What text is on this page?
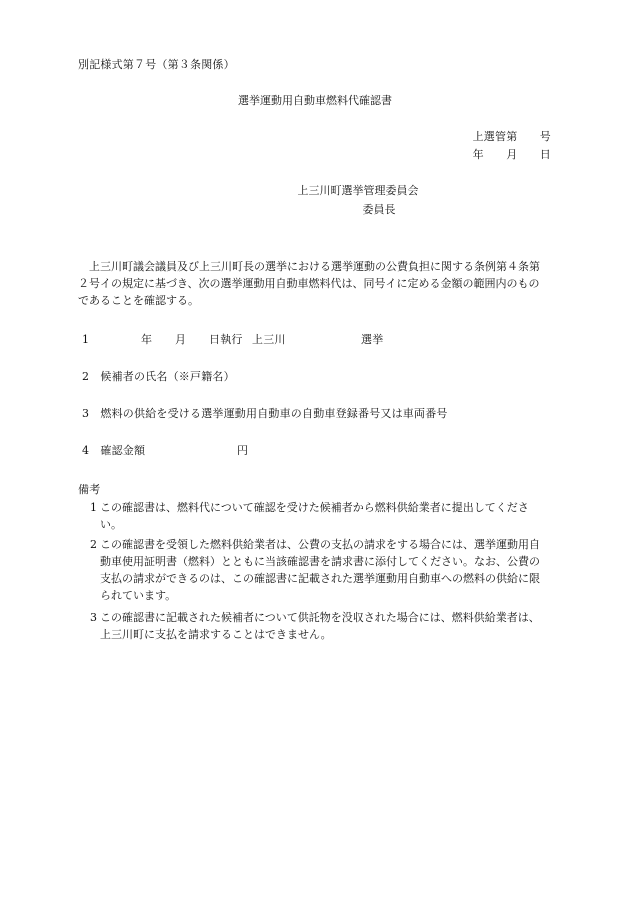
別記様式第７号（第３条関係）
選挙運動用自動車燃料代確認書
上選管第　　号
年　　月　　日
上三川町選挙管理委員会
委員長
上三川町議会議員及び上三川町長の選挙における選挙運動の公費負担に関する条例第４条第
２号イの規定に基づき、次の選挙運動用自動車燃料代は、同号イに定める金額の範囲内のもの
であることを確認する。
1	年 月 日執行 上三川	選挙
2　候補者の氏名（※戸籍名）
3　燃料の供給を受ける選挙運動用自動車の自動車登録番号又は車両番号
4　確認金額	円
備考
1 この確認書は、燃料代について確認を受けた候補者から燃料供給業者に提出してくださ
い。
2 この確認書を受領した燃料供給業者は、公費の支払の請求をする場合には、選挙運動用自
動車使用証明書（燃料）とともに当該確認書を請求書に添付してください。なお、公費の
支払の請求ができるのは、この確認書に記載された選挙運動用自動車への燃料の供給に限
られています。
3 この確認書に記載された候補者について供託物を没収された場合には、燃料供給業者は、
上三川町に支払を請求することはできません。
